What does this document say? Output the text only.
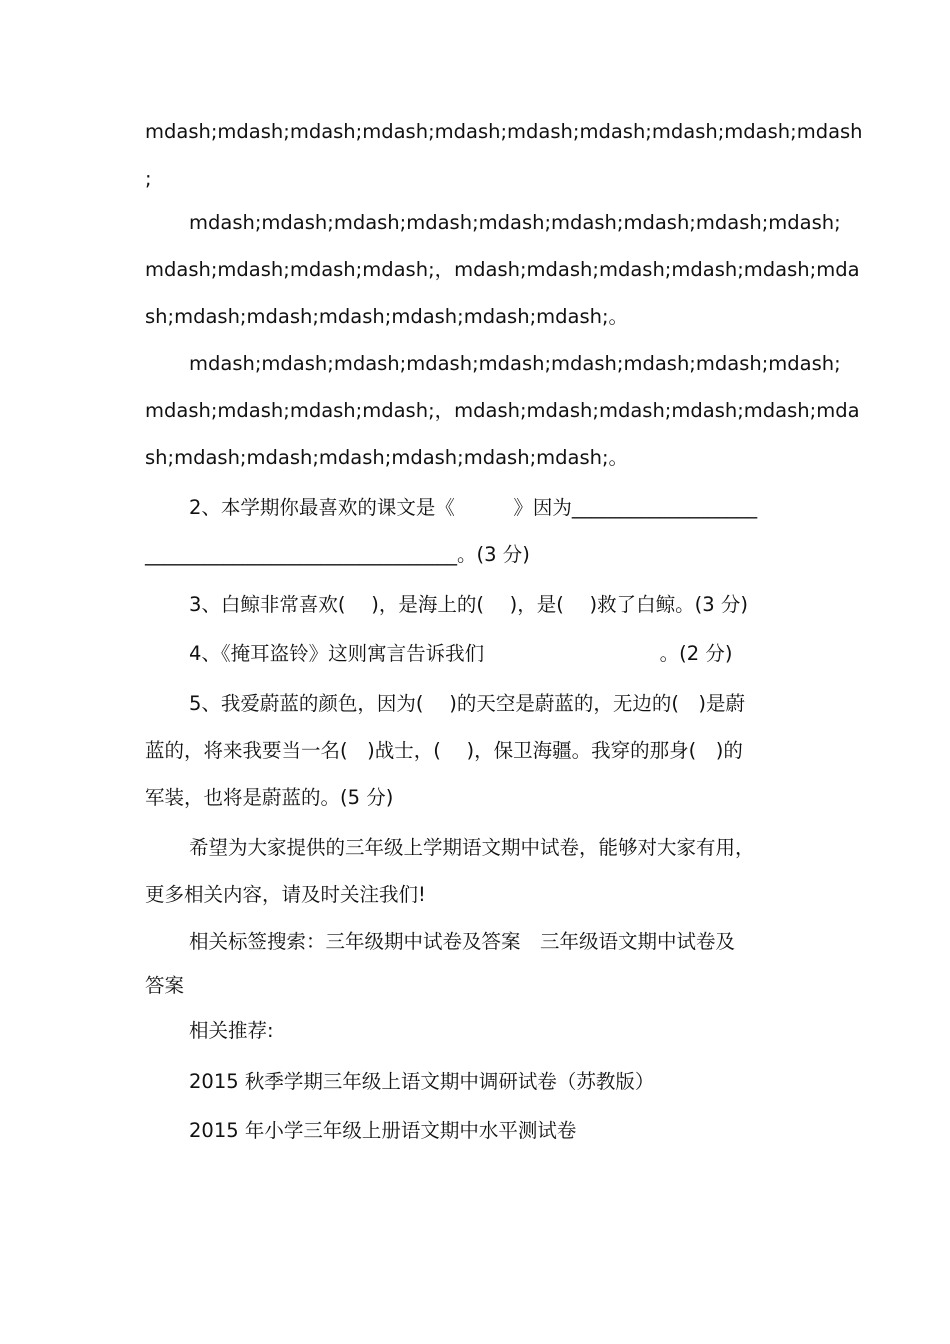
mdash;mdash;mdash;mdash;mdash;mdash;mdash;mdash;mdash;mdash

;

mdash;mdash;mdash;mdash;mdash;mdash;mdash;mdash;mdash;

mdash;mdash;mdash;mdash;，mdash;mdash;mdash;mdash;mdash;mda

sh;mdash;mdash;mdash;mdash;mdash;mdash;。

mdash;mdash;mdash;mdash;mdash;mdash;mdash;mdash;mdash;

mdash;mdash;mdash;mdash;，mdash;mdash;mdash;mdash;mdash;mda

sh;mdash;mdash;mdash;mdash;mdash;mdash;。

2、本学期你最喜欢的课文是《　　　》因为___________________

________________________________。(3 分)

3、白鲸非常喜欢(　 )，是海上的(　 )，是(　 )救了白鲸。(3 分)

4、《掩耳盗铃》这则寓言告诉我们　　　　　　　　　。(2 分)

5、我爱蔚蓝的颜色，因为(　 )的天空是蔚蓝的，无边的(　)是蔚

蓝的，将来我要当一名(　)战士，(　 )，保卫海疆。我穿的那身(　)的

军装，也将是蔚蓝的。(5 分)

希望为大家提供的三年级上学期语文期中试卷，能够对大家有用，

更多相关内容，请及时关注我们!

相关标签搜索：三年级期中试卷及答案　三年级语文期中试卷及

答案

相关推荐:

2015 秋季学期三年级上语文期中调研试卷（苏教版）

2015 年小学三年级上册语文期中水平测试卷
